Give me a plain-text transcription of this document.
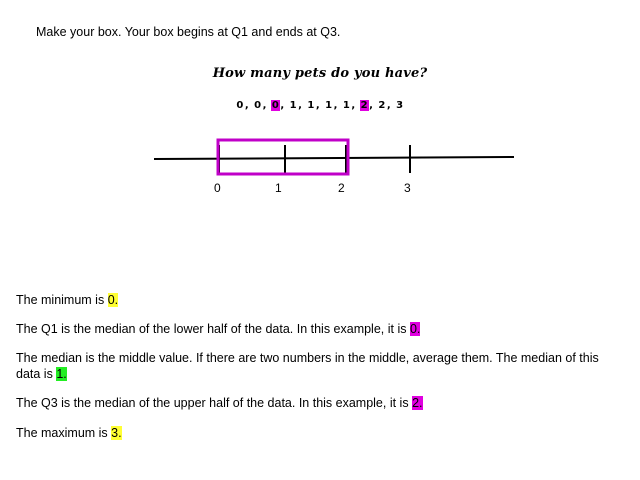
Make your box. Your box begins at Q1 and ends at Q3.
How many pets do you have?
0, 0, 0, 1, 1, 1, 1, 2, 2, 3
0	1	2	3

The minimum is 0.

The Q1 is the median of the lower half of the data. In this example, it is 0.

The median is the middle value. If there are two numbers in the middle, average them. The median of this data is 1.

The Q3 is the median of the upper half of the data. In this example, it is 2.

The maximum is 3.
